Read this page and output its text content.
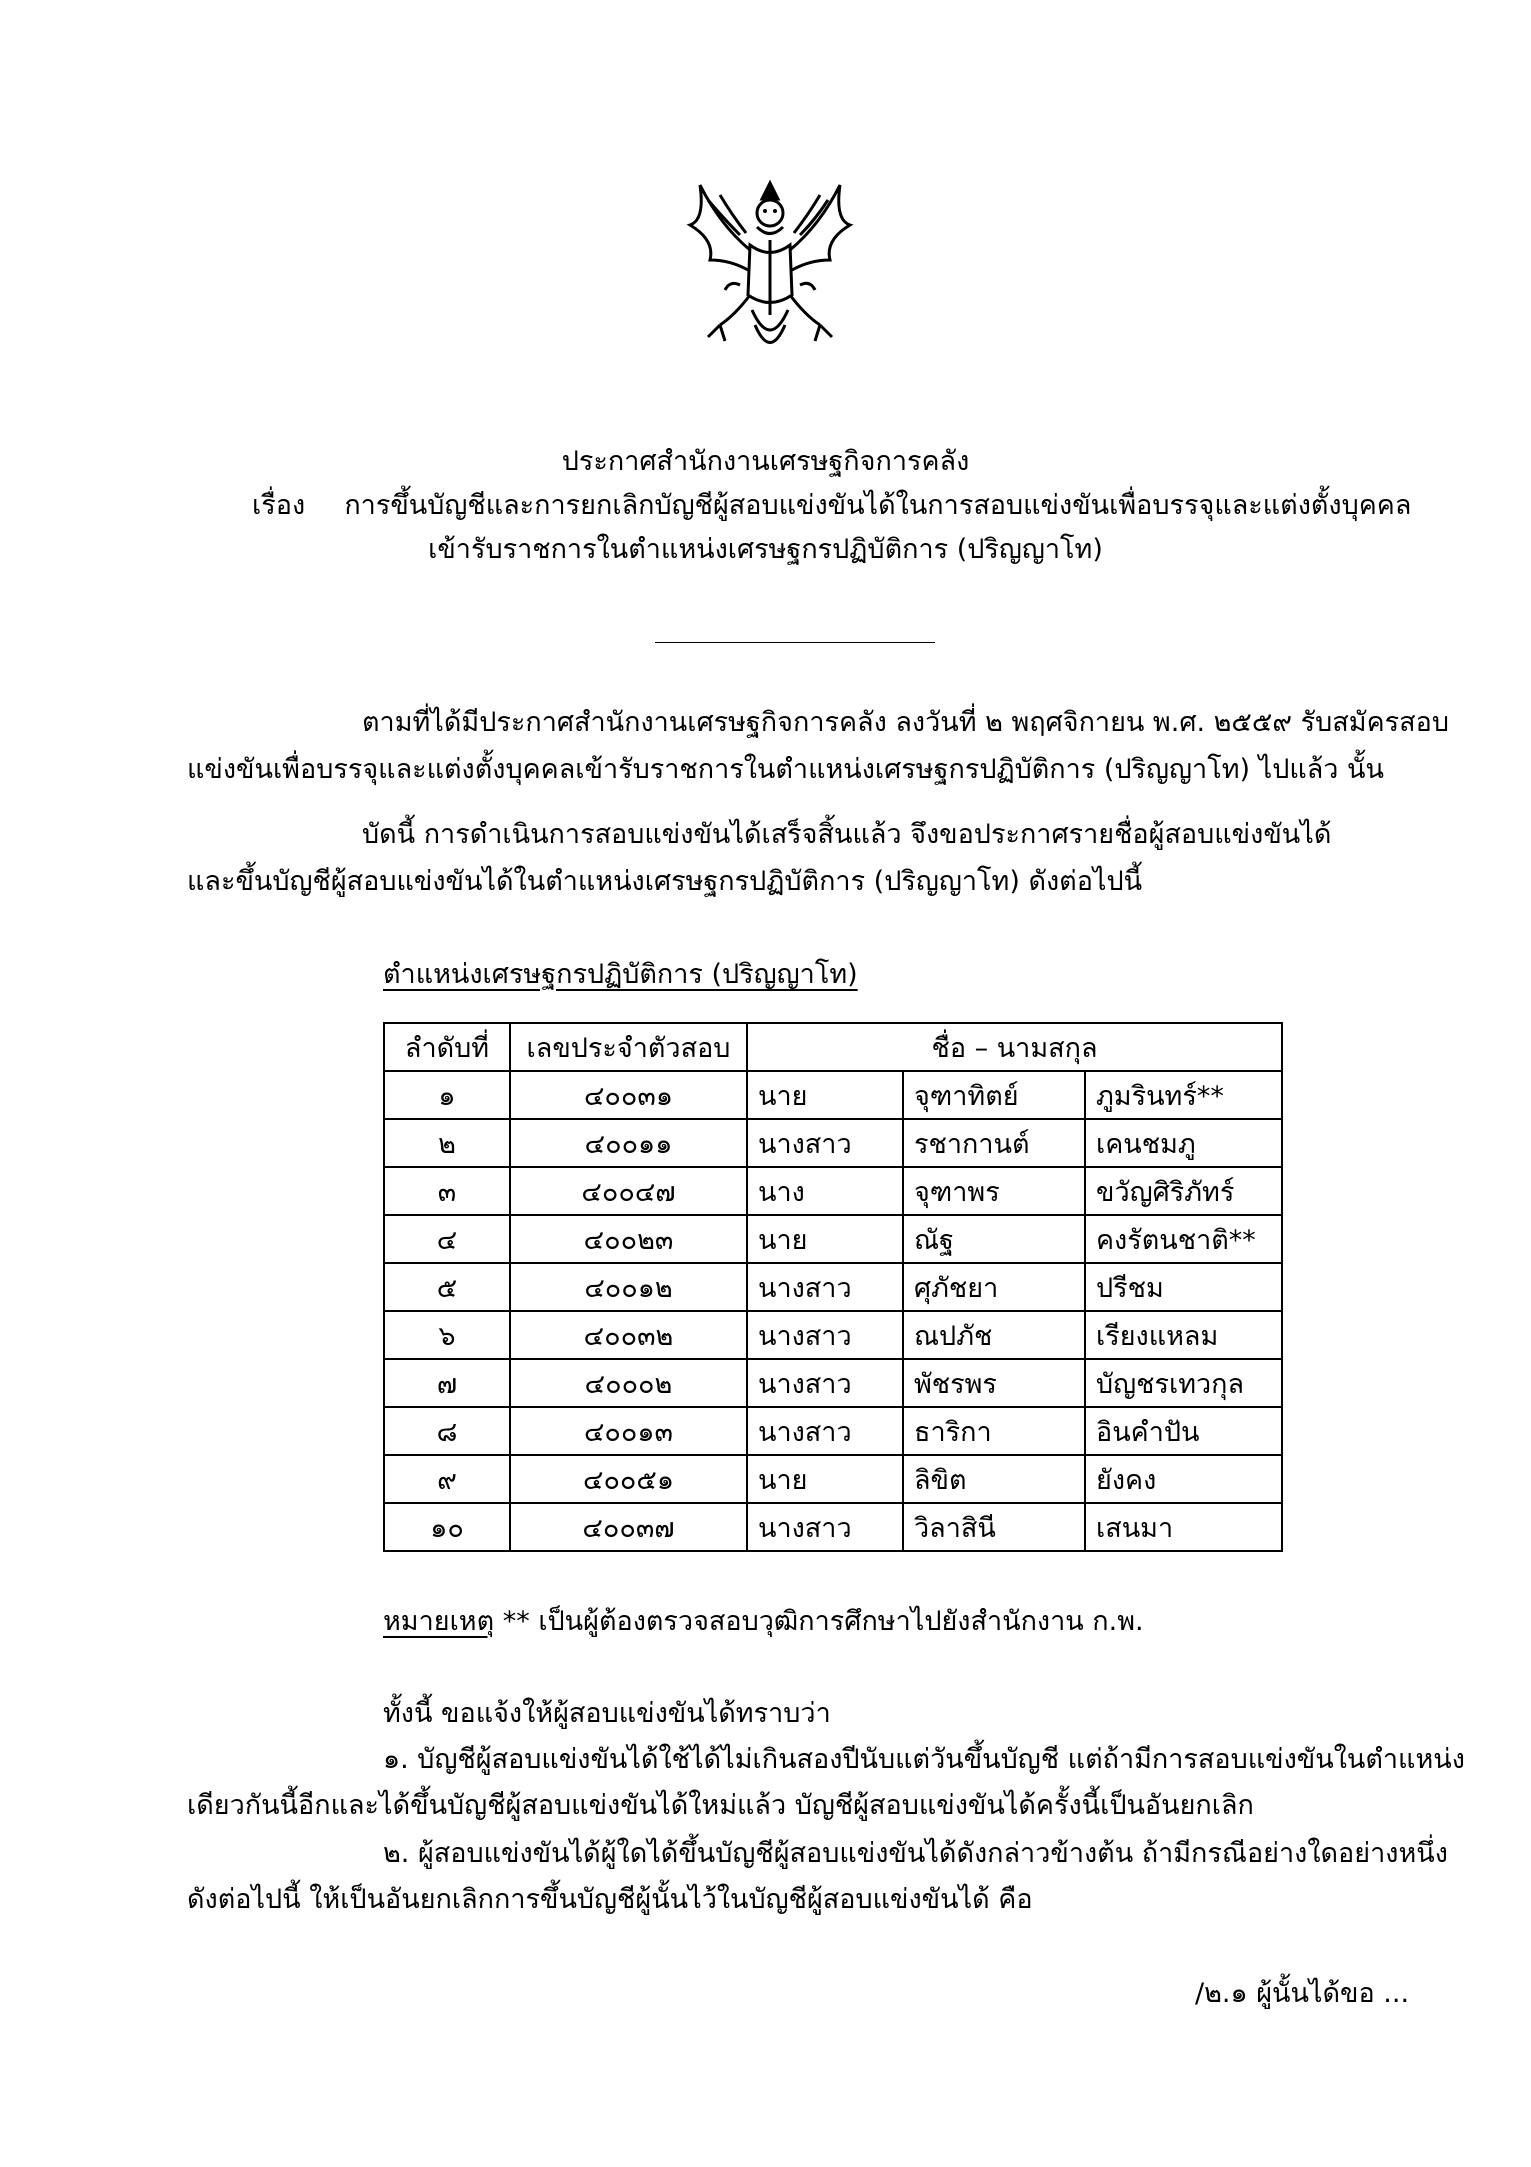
ประกาศสำนักงานเศรษฐกิจการคลัง
เรื่อง การขึ้นบัญชีและการยกเลิกบัญชีผู้สอบแข่งขันได้ในการสอบแข่งขันเพื่อบรรจุและแต่งตั้งบุคคล
เข้ารับราชการในตำแหน่งเศรษฐกรปฏิบัติการ (ปริญญาโท)
ตามที่ได้มีประกาศสำนักงานเศรษฐกิจการคลัง ลงวันที่ ๒ พฤศจิกายน พ.ศ. ๒๕๕๙ รับสมัครสอบ
แข่งขันเพื่อบรรจุและแต่งตั้งบุคคลเข้ารับราชการในตำแหน่งเศรษฐกรปฏิบัติการ (ปริญญาโท) ไปแล้ว นั้น
บัดนี้ การดำเนินการสอบแข่งขันได้เสร็จสิ้นแล้ว จึงขอประกาศรายชื่อผู้สอบแข่งขันได้
และขึ้นบัญชีผู้สอบแข่งขันได้ในตำแหน่งเศรษฐกรปฏิบัติการ (ปริญญาโท) ดังต่อไปนี้
ตำแหน่งเศรษฐกรปฏิบัติการ (ปริญญาโท)
ลำดับที่	เลขประจำตัวสอบ	ชื่อ – นามสกุล		
๑	๔๐๐๓๑	นาย	จุฑาทิตย์	ภูมรินทร์**
๒	๔๐๐๑๑	นางสาว	รชากานต์	เคนชมภู
๓	๔๐๐๔๗	นาง	จุฑาพร	ขวัญศิริภัทร์
๔	๔๐๐๒๓	นาย	ณัฐ	คงรัตนชาติ**
๕	๔๐๐๑๒	นางสาว	ศุภัชยา	ปรีชม
๖	๔๐๐๓๒	นางสาว	ณปภัช	เรียงแหลม
๗	๔๐๐๐๒	นางสาว	พัชรพร	บัญชรเทวกุล
๘	๔๐๐๑๓	นางสาว	ธาริกา	อินคำปัน
๙	๔๐๐๕๑	นาย	ลิขิต	ยังคง
๑๐	๔๐๐๓๗	นางสาว	วิลาสินี	เสนมา
หมายเหตุ ** เป็นผู้ต้องตรวจสอบวุฒิการศึกษาไปยังสำนักงาน ก.พ.
ทั้งนี้ ขอแจ้งให้ผู้สอบแข่งขันได้ทราบว่า
๑. บัญชีผู้สอบแข่งขันได้ใช้ได้ไม่เกินสองปีนับแต่วันขึ้นบัญชี แต่ถ้ามีการสอบแข่งขันในตำแหน่ง
เดียวกันนี้อีกและได้ขึ้นบัญชีผู้สอบแข่งขันได้ใหม่แล้ว บัญชีผู้สอบแข่งขันได้ครั้งนี้เป็นอันยกเลิก
๒. ผู้สอบแข่งขันได้ผู้ใดได้ขึ้นบัญชีผู้สอบแข่งขันได้ดังกล่าวข้างต้น ถ้ามีกรณีอย่างใดอย่างหนึ่ง
ดังต่อไปนี้ ให้เป็นอันยกเลิกการขึ้นบัญชีผู้นั้นไว้ในบัญชีผู้สอบแข่งขันได้ คือ
/๒.๑ ผู้นั้นได้ขอ ...
